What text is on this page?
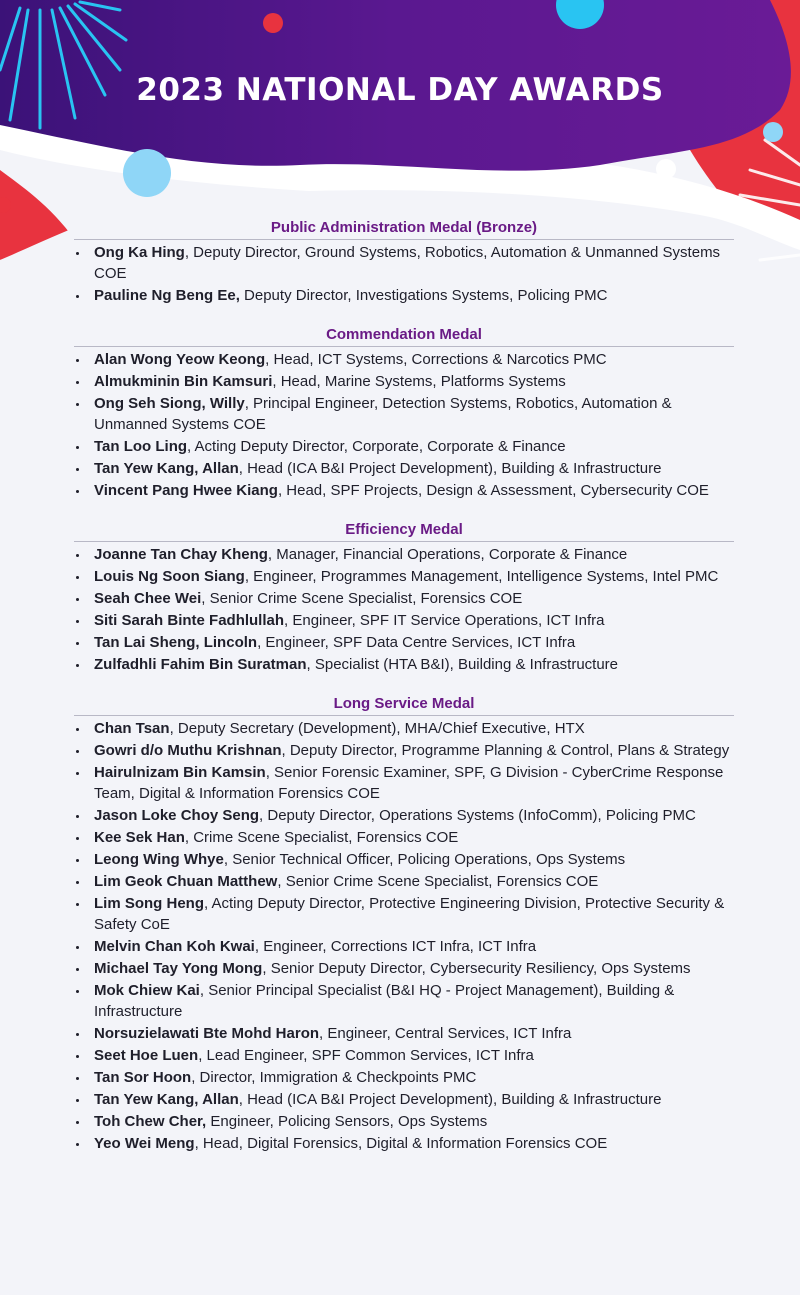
2023 NATIONAL DAY AWARDS
Public Administration Medal (Bronze)
Ong Ka Hing, Deputy Director, Ground Systems, Robotics, Automation & Unmanned Systems COE
Pauline Ng Beng Ee, Deputy Director, Investigations Systems, Policing PMC
Commendation Medal
Alan Wong Yeow Keong, Head, ICT Systems, Corrections & Narcotics PMC
Almukminin Bin Kamsuri, Head, Marine Systems, Platforms Systems
Ong Seh Siong, Willy, Principal Engineer, Detection Systems, Robotics, Automation & Unmanned Systems COE
Tan Loo Ling, Acting Deputy Director, Corporate, Corporate & Finance
Tan Yew Kang, Allan, Head (ICA B&I Project Development), Building & Infrastructure
Vincent Pang Hwee Kiang, Head, SPF Projects, Design & Assessment, Cybersecurity COE
Efficiency Medal
Joanne Tan Chay Kheng, Manager, Financial Operations, Corporate & Finance
Louis Ng Soon Siang, Engineer, Programmes Management, Intelligence Systems, Intel PMC
Seah Chee Wei, Senior Crime Scene Specialist, Forensics COE
Siti Sarah Binte Fadhlullah, Engineer, SPF IT Service Operations, ICT Infra
Tan Lai Sheng, Lincoln, Engineer, SPF Data Centre Services, ICT Infra
Zulfadhli Fahim Bin Suratman, Specialist (HTA B&I), Building & Infrastructure
Long Service Medal
Chan Tsan, Deputy Secretary (Development), MHA/Chief Executive, HTX
Gowri d/o Muthu Krishnan, Deputy Director, Programme Planning & Control, Plans & Strategy
Hairulnizam Bin Kamsin, Senior Forensic Examiner, SPF, G Division - CyberCrime Response Team, Digital & Information Forensics COE
Jason Loke Choy Seng, Deputy Director, Operations Systems (InfoComm), Policing PMC
Kee Sek Han, Crime Scene Specialist, Forensics COE
Leong Wing Whye, Senior Technical Officer, Policing Operations, Ops Systems
Lim Geok Chuan Matthew, Senior Crime Scene Specialist, Forensics COE
Lim Song Heng, Acting Deputy Director, Protective Engineering Division, Protective Security & Safety CoE
Melvin Chan Koh Kwai, Engineer, Corrections ICT Infra, ICT Infra
Michael Tay Yong Mong, Senior Deputy Director, Cybersecurity Resiliency, Ops Systems
Mok Chiew Kai, Senior Principal Specialist (B&I HQ - Project Management), Building & Infrastructure
Norsuzielawati Bte Mohd Haron, Engineer, Central Services, ICT Infra
Seet Hoe Luen, Lead Engineer, SPF Common Services, ICT Infra
Tan Sor Hoon, Director, Immigration & Checkpoints PMC
Tan Yew Kang, Allan, Head (ICA B&I Project Development), Building & Infrastructure
Toh Chew Cher, Engineer, Policing Sensors, Ops Systems
Yeo Wei Meng, Head, Digital Forensics, Digital & Information Forensics COE
